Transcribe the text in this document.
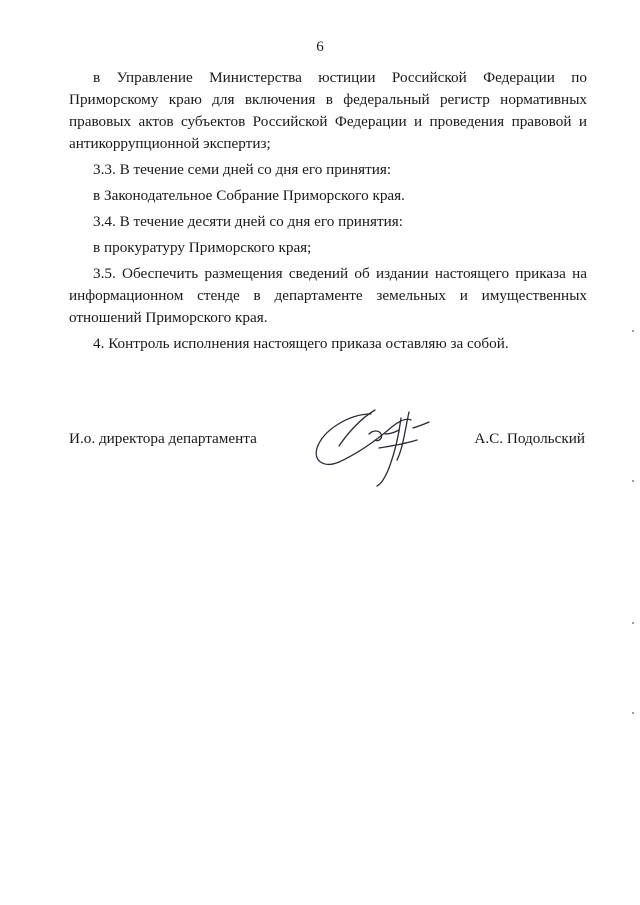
6

в Управление Министерства юстиции Российской Федерации по Приморскому краю для включения в федеральный регистр нормативных правовых актов субъектов Российской Федерации и проведения правовой и антикоррупционной экспертиз;

3.3. В течение семи дней со дня его принятия:

в Законодательное Собрание Приморского края.

3.4. В течение десяти дней со дня его принятия:

в прокуратуру Приморского края;

3.5. Обеспечить размещения сведений об издании настоящего приказа на информационном стенде в департаменте земельных и имущественных отношений Приморского края.

4. Контроль исполнения настоящего приказа оставляю за собой.

И.о. директора департамента	А.С. Подольский
